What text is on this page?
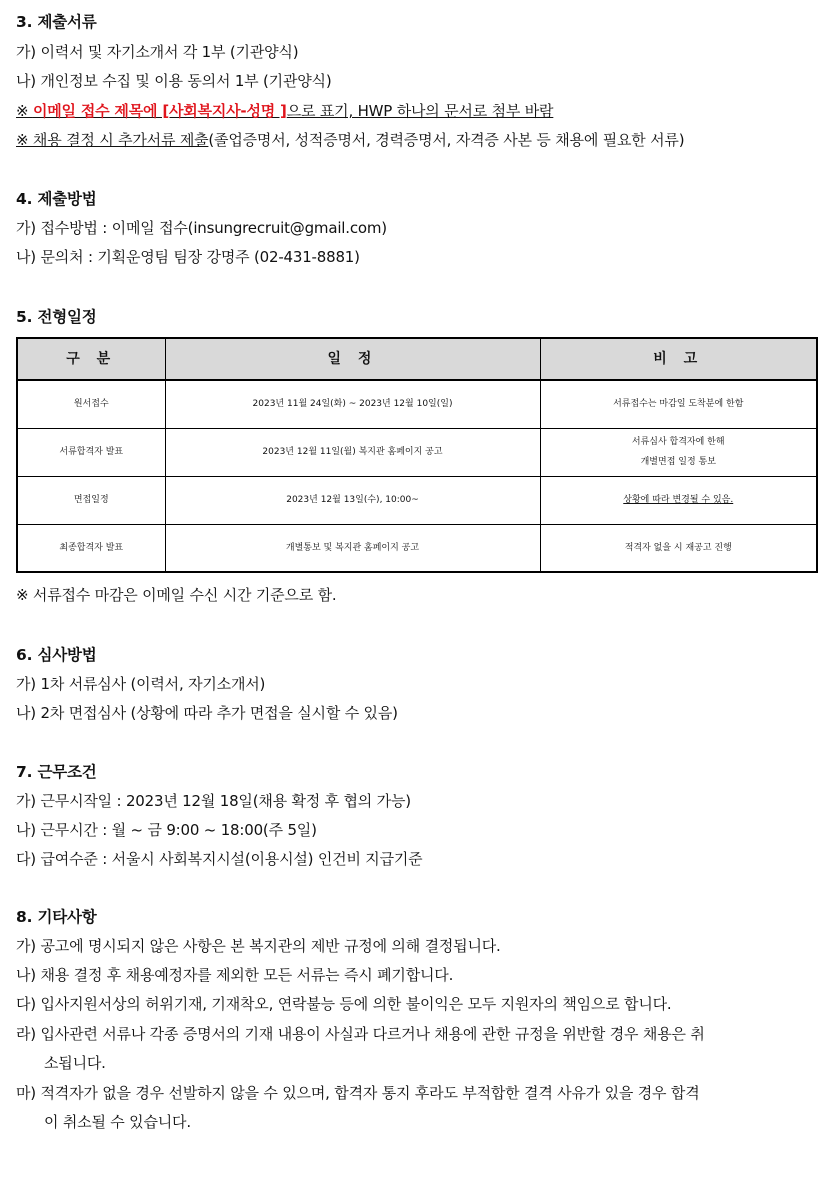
3. 제출서류
가) 이력서 및 자기소개서 각 1부 (기관양식)
나) 개인정보 수집 및 이용 동의서 1부 (기관양식)
※ 이메일 접수 제목에 [사회복지사-성명 ]으로 표기, HWP 하나의 문서로 첨부 바람
※ 채용 결정 시 추가서류 제출(졸업증명서, 성적증명서, 경력증명서, 자격증 사본 등 채용에 필요한 서류)
4. 제출방법
가) 접수방법 : 이메일 접수(insungrecruit@gmail.com)
나) 문의처 : 기획운영팀 팀장 강명주 (02-431-8881)
5. 전형일정
구 분	일 정	비 고
원서접수	2023년 11월 24일(화) ~ 2023년 12월 10일(일)	서류접수는 마감일 도착분에 한함
서류합격자 발표	2023년 12월 11일(월) 복지관 홈페이지 공고	서류심사 합격자에 한해
개별면접 일정 통보

면접일정	2023년 12월 13일(수), 10:00~	상황에 따라 변경될 수 있음.
최종합격자 발표	개별통보 및 복지관 홈페이지 공고	적격자 없을 시 재공고 진행
※ 서류접수 마감은 이메일 수신 시간 기준으로 함.
6. 심사방법
가) 1차 서류심사 (이력서, 자기소개서)
나) 2차 면접심사 (상황에 따라 추가 면접을 실시할 수 있음)
7. 근무조건
가) 근무시작일 : 2023년 12월 18일(채용 확정 후 협의 가능)
나) 근무시간 : 월 ~ 금 9:00 ~ 18:00(주 5일)
다) 급여수준 : 서울시 사회복지시설(이용시설) 인건비 지급기준
8. 기타사항
가) 공고에 명시되지 않은 사항은 본 복지관의 제반 규정에 의해 결정됩니다.
나) 채용 결정 후 채용예정자를 제외한 모든 서류는 즉시 폐기합니다.
다) 입사지원서상의 허위기재, 기재착오, 연락불능 등에 의한 불이익은 모두 지원자의 책임으로 합니다.
라) 입사관련 서류나 각종 증명서의 기재 내용이 사실과 다르거나 채용에 관한 규정을 위반할 경우 채용은 취
소됩니다.
마) 적격자가 없을 경우 선발하지 않을 수 있으며, 합격자 통지 후라도 부적합한 결격 사유가 있을 경우 합격
이 취소될 수 있습니다.
